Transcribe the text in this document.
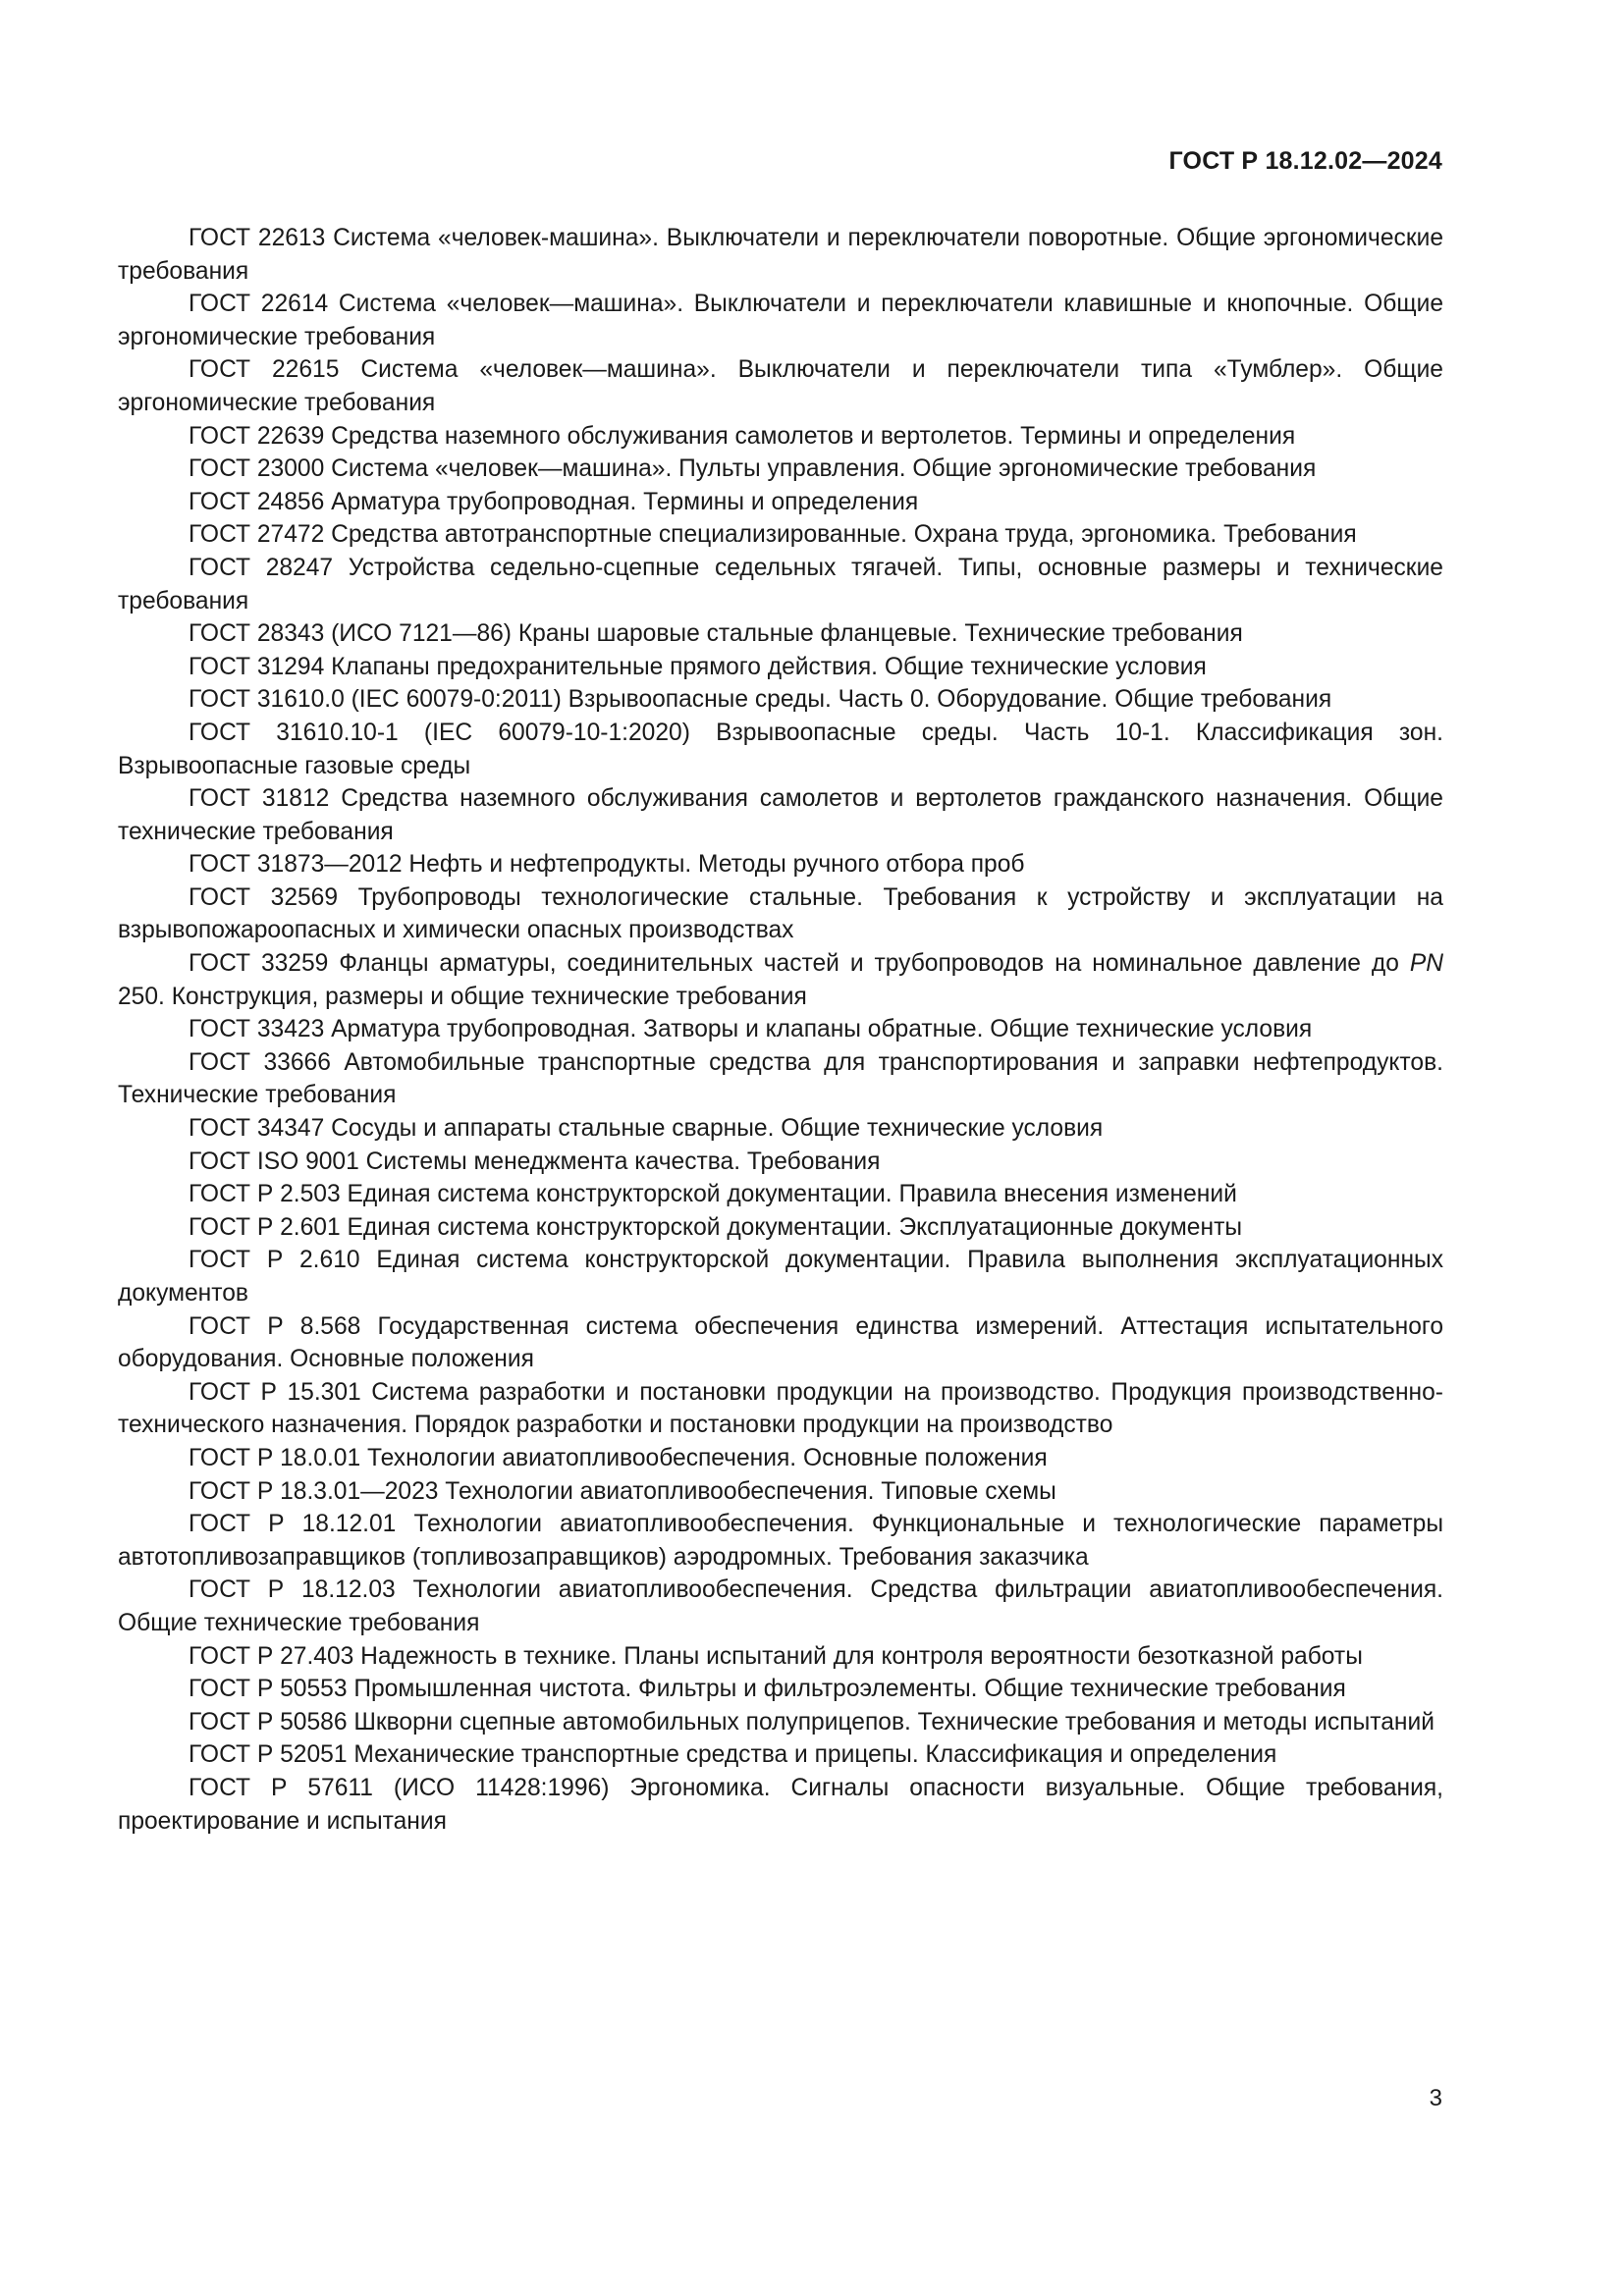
ГОСТ Р 18.12.02—2024

ГОСТ 22613 Система «человек-машина». Выключатели и переключатели поворотные. Общие эргономические требования

ГОСТ 22614 Система «человек—машина». Выключатели и переключатели клавишные и кнопочные. Общие эргономические требования

ГОСТ 22615 Система «человек—машина». Выключатели и переключатели типа «Тумблер». Общие эргономические требования

ГОСТ 22639 Средства наземного обслуживания самолетов и вертолетов. Термины и определения

ГОСТ 23000 Система «человек—машина». Пульты управления. Общие эргономические требования

ГОСТ 24856 Арматура трубопроводная. Термины и определения

ГОСТ 27472 Средства автотранспортные специализированные. Охрана труда, эргономика. Требования

ГОСТ 28247 Устройства седельно-сцепные седельных тягачей. Типы, основные размеры и технические требования

ГОСТ 28343 (ИСО 7121—86) Краны шаровые стальные фланцевые. Технические требования

ГОСТ 31294 Клапаны предохранительные прямого действия. Общие технические условия

ГОСТ 31610.0 (IEC 60079-0:2011) Взрывоопасные среды. Часть 0. Оборудование. Общие требования

ГОСТ 31610.10-1 (IEC 60079-10-1:2020) Взрывоопасные среды. Часть 10-1. Классификация зон. Взрывоопасные газовые среды

ГОСТ 31812 Средства наземного обслуживания самолетов и вертолетов гражданского назначения. Общие технические требования

ГОСТ 31873—2012 Нефть и нефтепродукты. Методы ручного отбора проб

ГОСТ 32569 Трубопроводы технологические стальные. Требования к устройству и эксплуатации на взрывопожароопасных и химически опасных производствах

ГОСТ 33259 Фланцы арматуры, соединительных частей и трубопроводов на номинальное давление до PN 250. Конструкция, размеры и общие технические требования

ГОСТ 33423 Арматура трубопроводная. Затворы и клапаны обратные. Общие технические условия

ГОСТ 33666 Автомобильные транспортные средства для транспортирования и заправки нефтепродуктов. Технические требования

ГОСТ 34347 Сосуды и аппараты стальные сварные. Общие технические условия

ГОСТ ISO 9001 Системы менеджмента качества. Требования

ГОСТ Р 2.503 Единая система конструкторской документации. Правила внесения изменений

ГОСТ Р 2.601 Единая система конструкторской документации. Эксплуатационные документы

ГОСТ Р 2.610 Единая система конструкторской документации. Правила выполнения эксплуатационных документов

ГОСТ Р 8.568 Государственная система обеспечения единства измерений. Аттестация испытательного оборудования. Основные положения

ГОСТ Р 15.301 Система разработки и постановки продукции на производство. Продукция производственно-технического назначения. Порядок разработки и постановки продукции на производство

ГОСТ Р 18.0.01 Технологии авиатопливообеспечения. Основные положения

ГОСТ Р 18.3.01—2023 Технологии авиатопливообеспечения. Типовые схемы

ГОСТ Р 18.12.01 Технологии авиатопливообеспечения. Функциональные и технологические параметры автотопливозаправщиков (топливозаправщиков) аэродромных. Требования заказчика

ГОСТ Р 18.12.03 Технологии авиатопливообеспечения. Средства фильтрации авиатопливообеспечения. Общие технические требования

ГОСТ Р 27.403 Надежность в технике. Планы испытаний для контроля вероятности безотказной работы

ГОСТ Р 50553 Промышленная чистота. Фильтры и фильтроэлементы. Общие технические требования

ГОСТ Р 50586 Шкворни сцепные автомобильных полуприцепов. Технические требования и методы испытаний

ГОСТ Р 52051 Механические транспортные средства и прицепы. Классификация и определения

ГОСТ Р 57611 (ИСО 11428:1996) Эргономика. Сигналы опасности визуальные. Общие требования, проектирование и испытания

3
